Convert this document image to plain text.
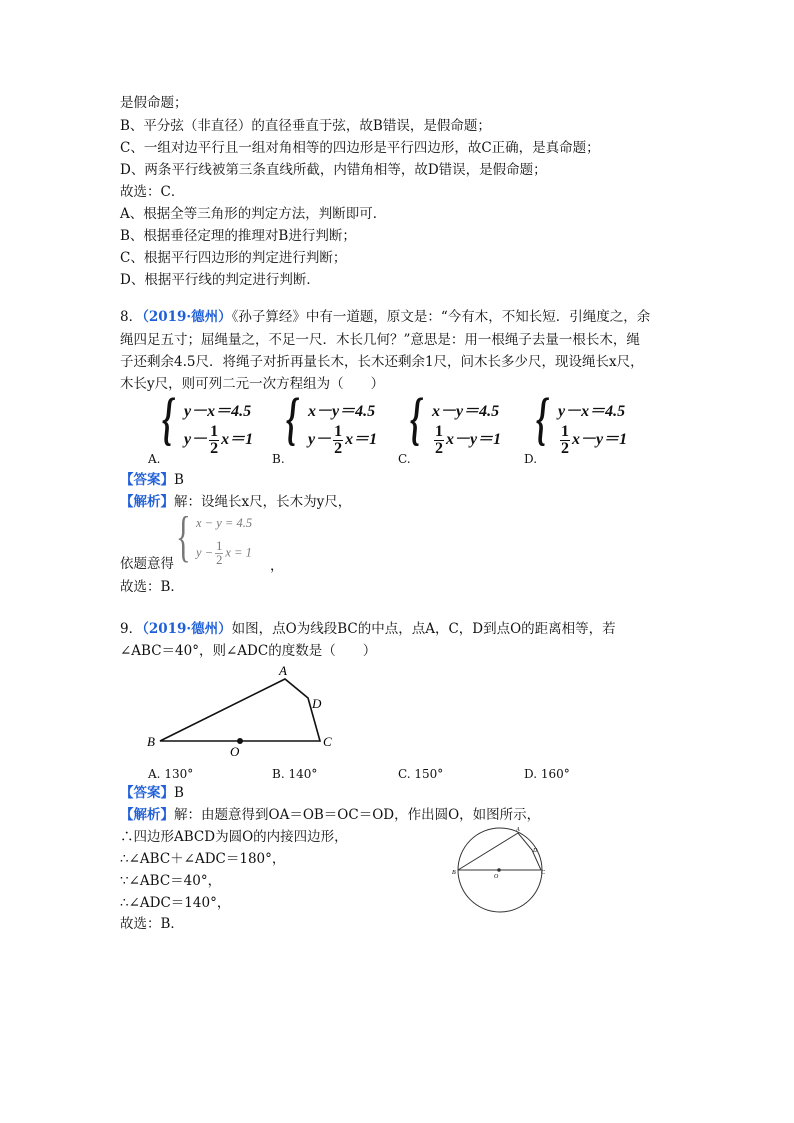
是假命题；
B、平分弦（非直径）的直径垂直于弦，故B错误，是假命题；
C、一组对边平行且一组对角相等的四边形是平行四边形，故C正确，是真命题；
D、两条平行线被第三条直线所截，内错角相等，故D错误，是假命题；
故选：C．
A、根据全等三角形的判定方法，判断即可．
B、根据垂径定理的推理对B进行判断；
C、根据平行四边形的判定进行判断；
D、根据平行线的判定进行判断．
8．（2019·德州）《孙子算经》中有一道题，原文是：“今有木，不知长短．引绳度之，余
绳四足五寸；屈绳量之，不足一尺．木长几何？”意思是：用一根绳子去量一根长木，绳
子还剩余4.5尺．将绳子对折再量长木，长木还剩余1尺，问木长多少尺，现设绳长x尺，
木长y尺，则可列二元一次方程组为（　　）
A.
{ y－x＝4.5
$y- \frac{1}{2} x=1$
B.
{ x－y＝4.5
$y- \frac{1}{2} x=1$
C.
{ x－y＝4.5
$\frac{1}{2} x-y=1$
D.
{ y－x＝4.5
$\frac{1}{2} x-y=1$
【答案】B
【解析】解：设绳长x尺，长木为y尺，
依题意得 { x − y = 4.5
$y - \frac{1}{2}$ x = 1
，
故选：B．
9．（2019·德州）如图，点O为线段BC的中点，点A，C，D到点O的距离相等，若
∠ABC＝40°，则∠ADC的度数是（　　）
B
A
D
C
O
A. 130°	B. 140°	C. 150°	D. 160°
【答案】B
【解析】解：由题意得到OA＝OB＝OC＝OD，作出圆O，如图所示，
∴四边形ABCD为圆O的内接四边形，
∴∠ABC＋∠ADC＝180°，
∵∠ABC＝40°，
∴∠ADC＝140°，
故选：B．
B
A
D
C
O
